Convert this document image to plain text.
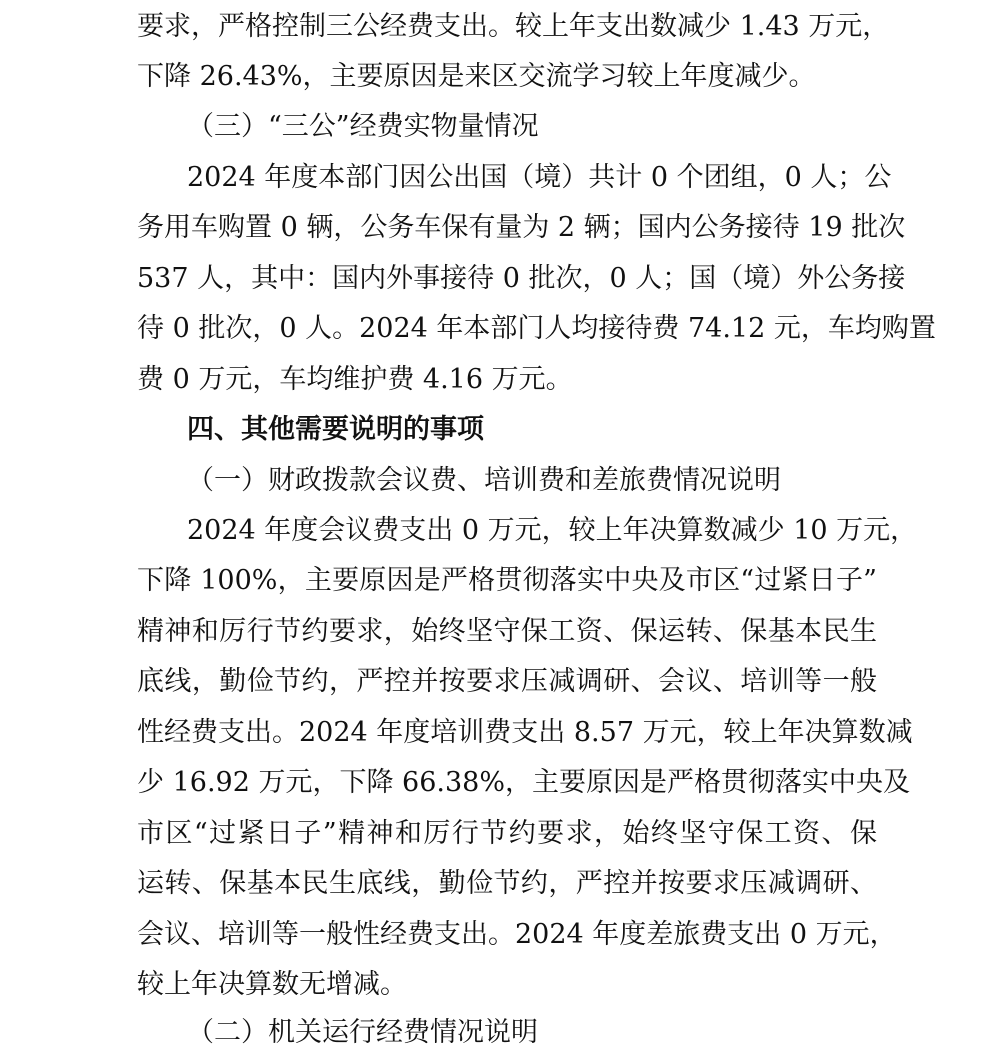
要求，严格控制三公经费支出。较上年支出数减少 1.43 万元，
下降 26.43%，主要原因是来区交流学习较上年度减少。
（三）“三公”经费实物量情况
2024 年度本部门因公出国（境）共计 0 个团组，0 人；公
务用车购置 0 辆，公务车保有量为 2 辆；国内公务接待 19 批次
537 人，其中：国内外事接待 0 批次，0 人；国（境）外公务接
待 0 批次，0 人。2024 年本部门人均接待费 74.12 元，车均购置
费 0 万元，车均维护费 4.16 万元。
四、其他需要说明的事项
（一）财政拨款会议费、培训费和差旅费情况说明
2024 年度会议费支出 0 万元，较上年决算数减少 10 万元，
下降 100%，主要原因是严格贯彻落实中央及市区“过紧日子”
精神和厉行节约要求，始终坚守保工资、保运转、保基本民生
底线，勤俭节约，严控并按要求压减调研、会议、培训等一般
性经费支出。2024 年度培训费支出 8.57 万元，较上年决算数减
少 16.92 万元，下降 66.38%，主要原因是严格贯彻落实中央及
市区“过紧日子”精神和厉行节约要求，始终坚守保工资、保
运转、保基本民生底线，勤俭节约，严控并按要求压减调研、
会议、培训等一般性经费支出。2024 年度差旅费支出 0 万元，
较上年决算数无增减。
（二）机关运行经费情况说明
